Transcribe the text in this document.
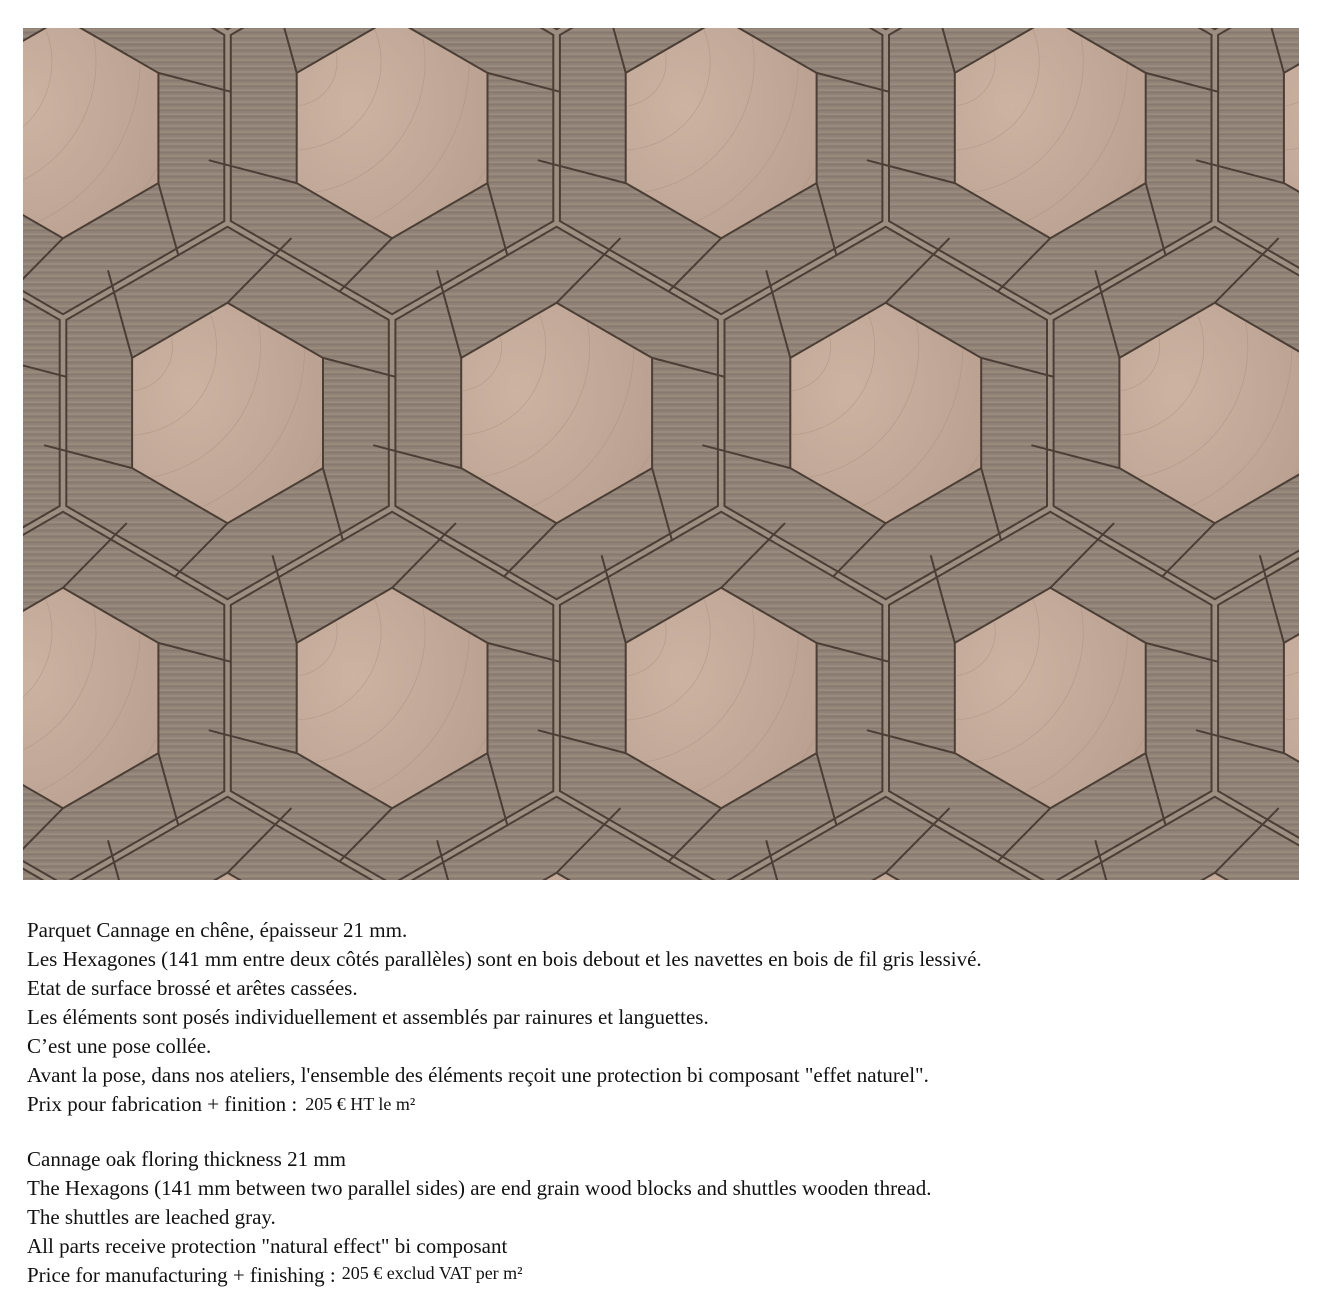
Parquet Cannage en chêne, épaisseur 21 mm.
Les Hexagones (141 mm entre deux côtés parallèles) sont en bois debout et les navettes en bois de fil gris lessivé.
Etat de surface brossé et arêtes cassées.
Les éléments sont posés individuellement et assemblés par rainures et languettes.
C’est une pose collée.
Avant la pose, dans nos ateliers, l'ensemble des éléments reçoit une protection bi composant "effet naturel".
Prix pour fabrication + finition : 205 € HT le m²
Cannage oak floring thickness 21 mm
The Hexagons (141 mm between two parallel sides) are end grain wood blocks and shuttles wooden thread.
The shuttles are leached gray.
All parts receive protection "natural effect" bi composant
Price for manufacturing + finishing : 205 € exclud VAT per m²
